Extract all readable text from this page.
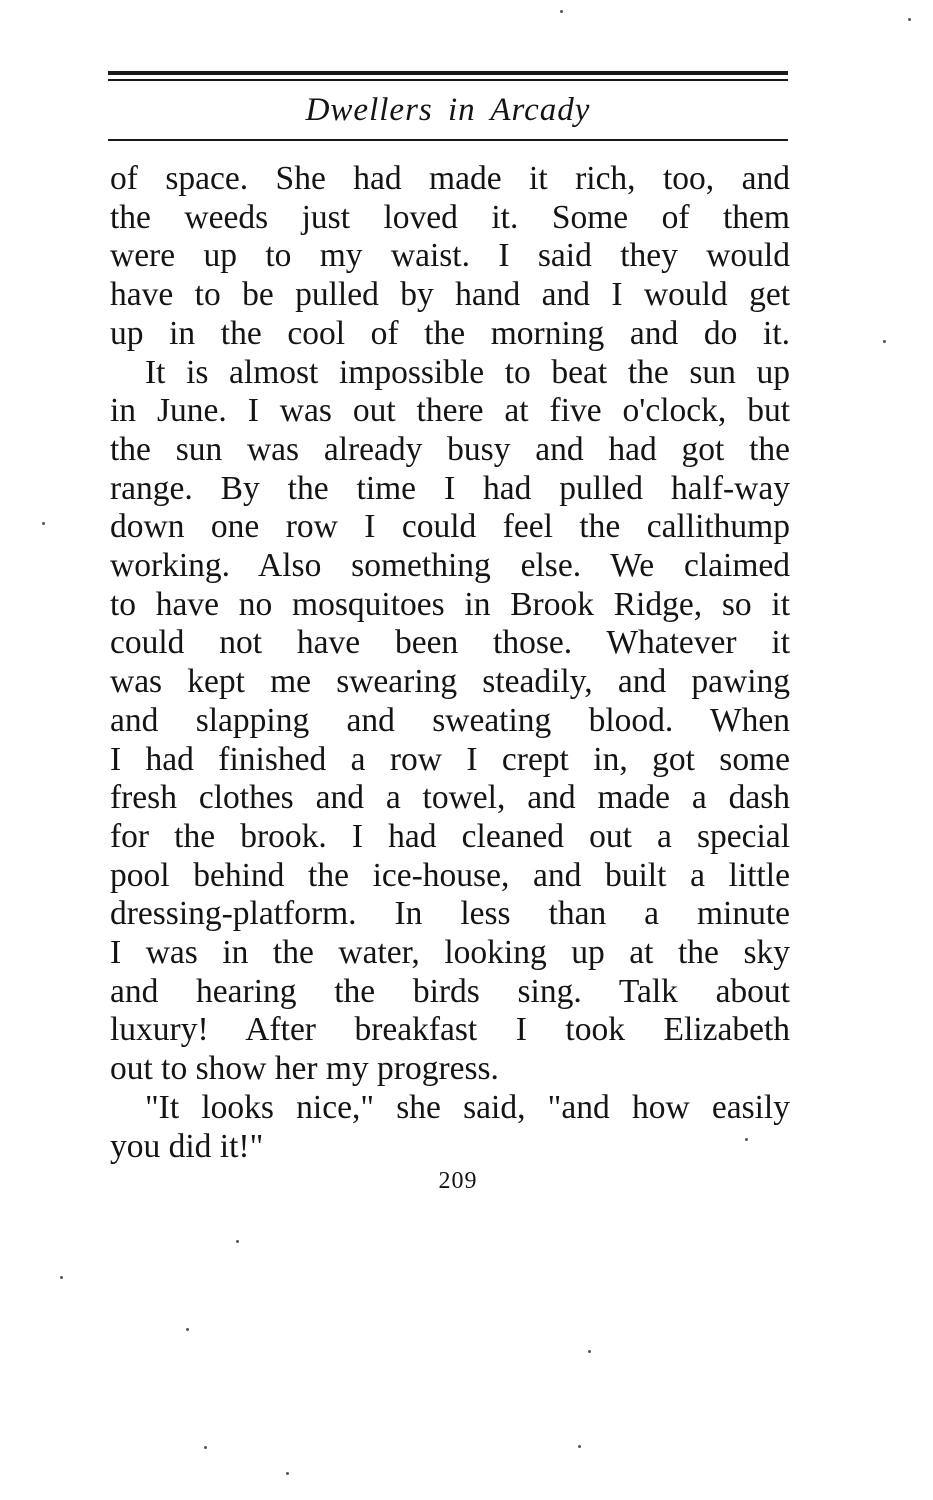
Dwellers in Arcady
of space. She had made it rich, too, and
the weeds just loved it. Some of them
were up to my waist. I said they would
have to be pulled by hand and I would get
up in the cool of the morning and do it.
It is almost impossible to beat the sun up
in June. I was out there at five o'clock, but
the sun was already busy and had got the
range. By the time I had pulled half-way
down one row I could feel the callithump
working. Also something else. We claimed
to have no mosquitoes in Brook Ridge, so it
could not have been those. Whatever it
was kept me swearing steadily, and pawing
and slapping and sweating blood. When
I had finished a row I crept in, got some
fresh clothes and a towel, and made a dash
for the brook. I had cleaned out a special
pool behind the ice-house, and built a little
dressing-platform. In less than a minute
I was in the water, looking up at the sky
and hearing the birds sing. Talk about
luxury! After breakfast I took Elizabeth
out to show her my progress.
"It looks nice," she said, "and how easily
you did it!"
209
